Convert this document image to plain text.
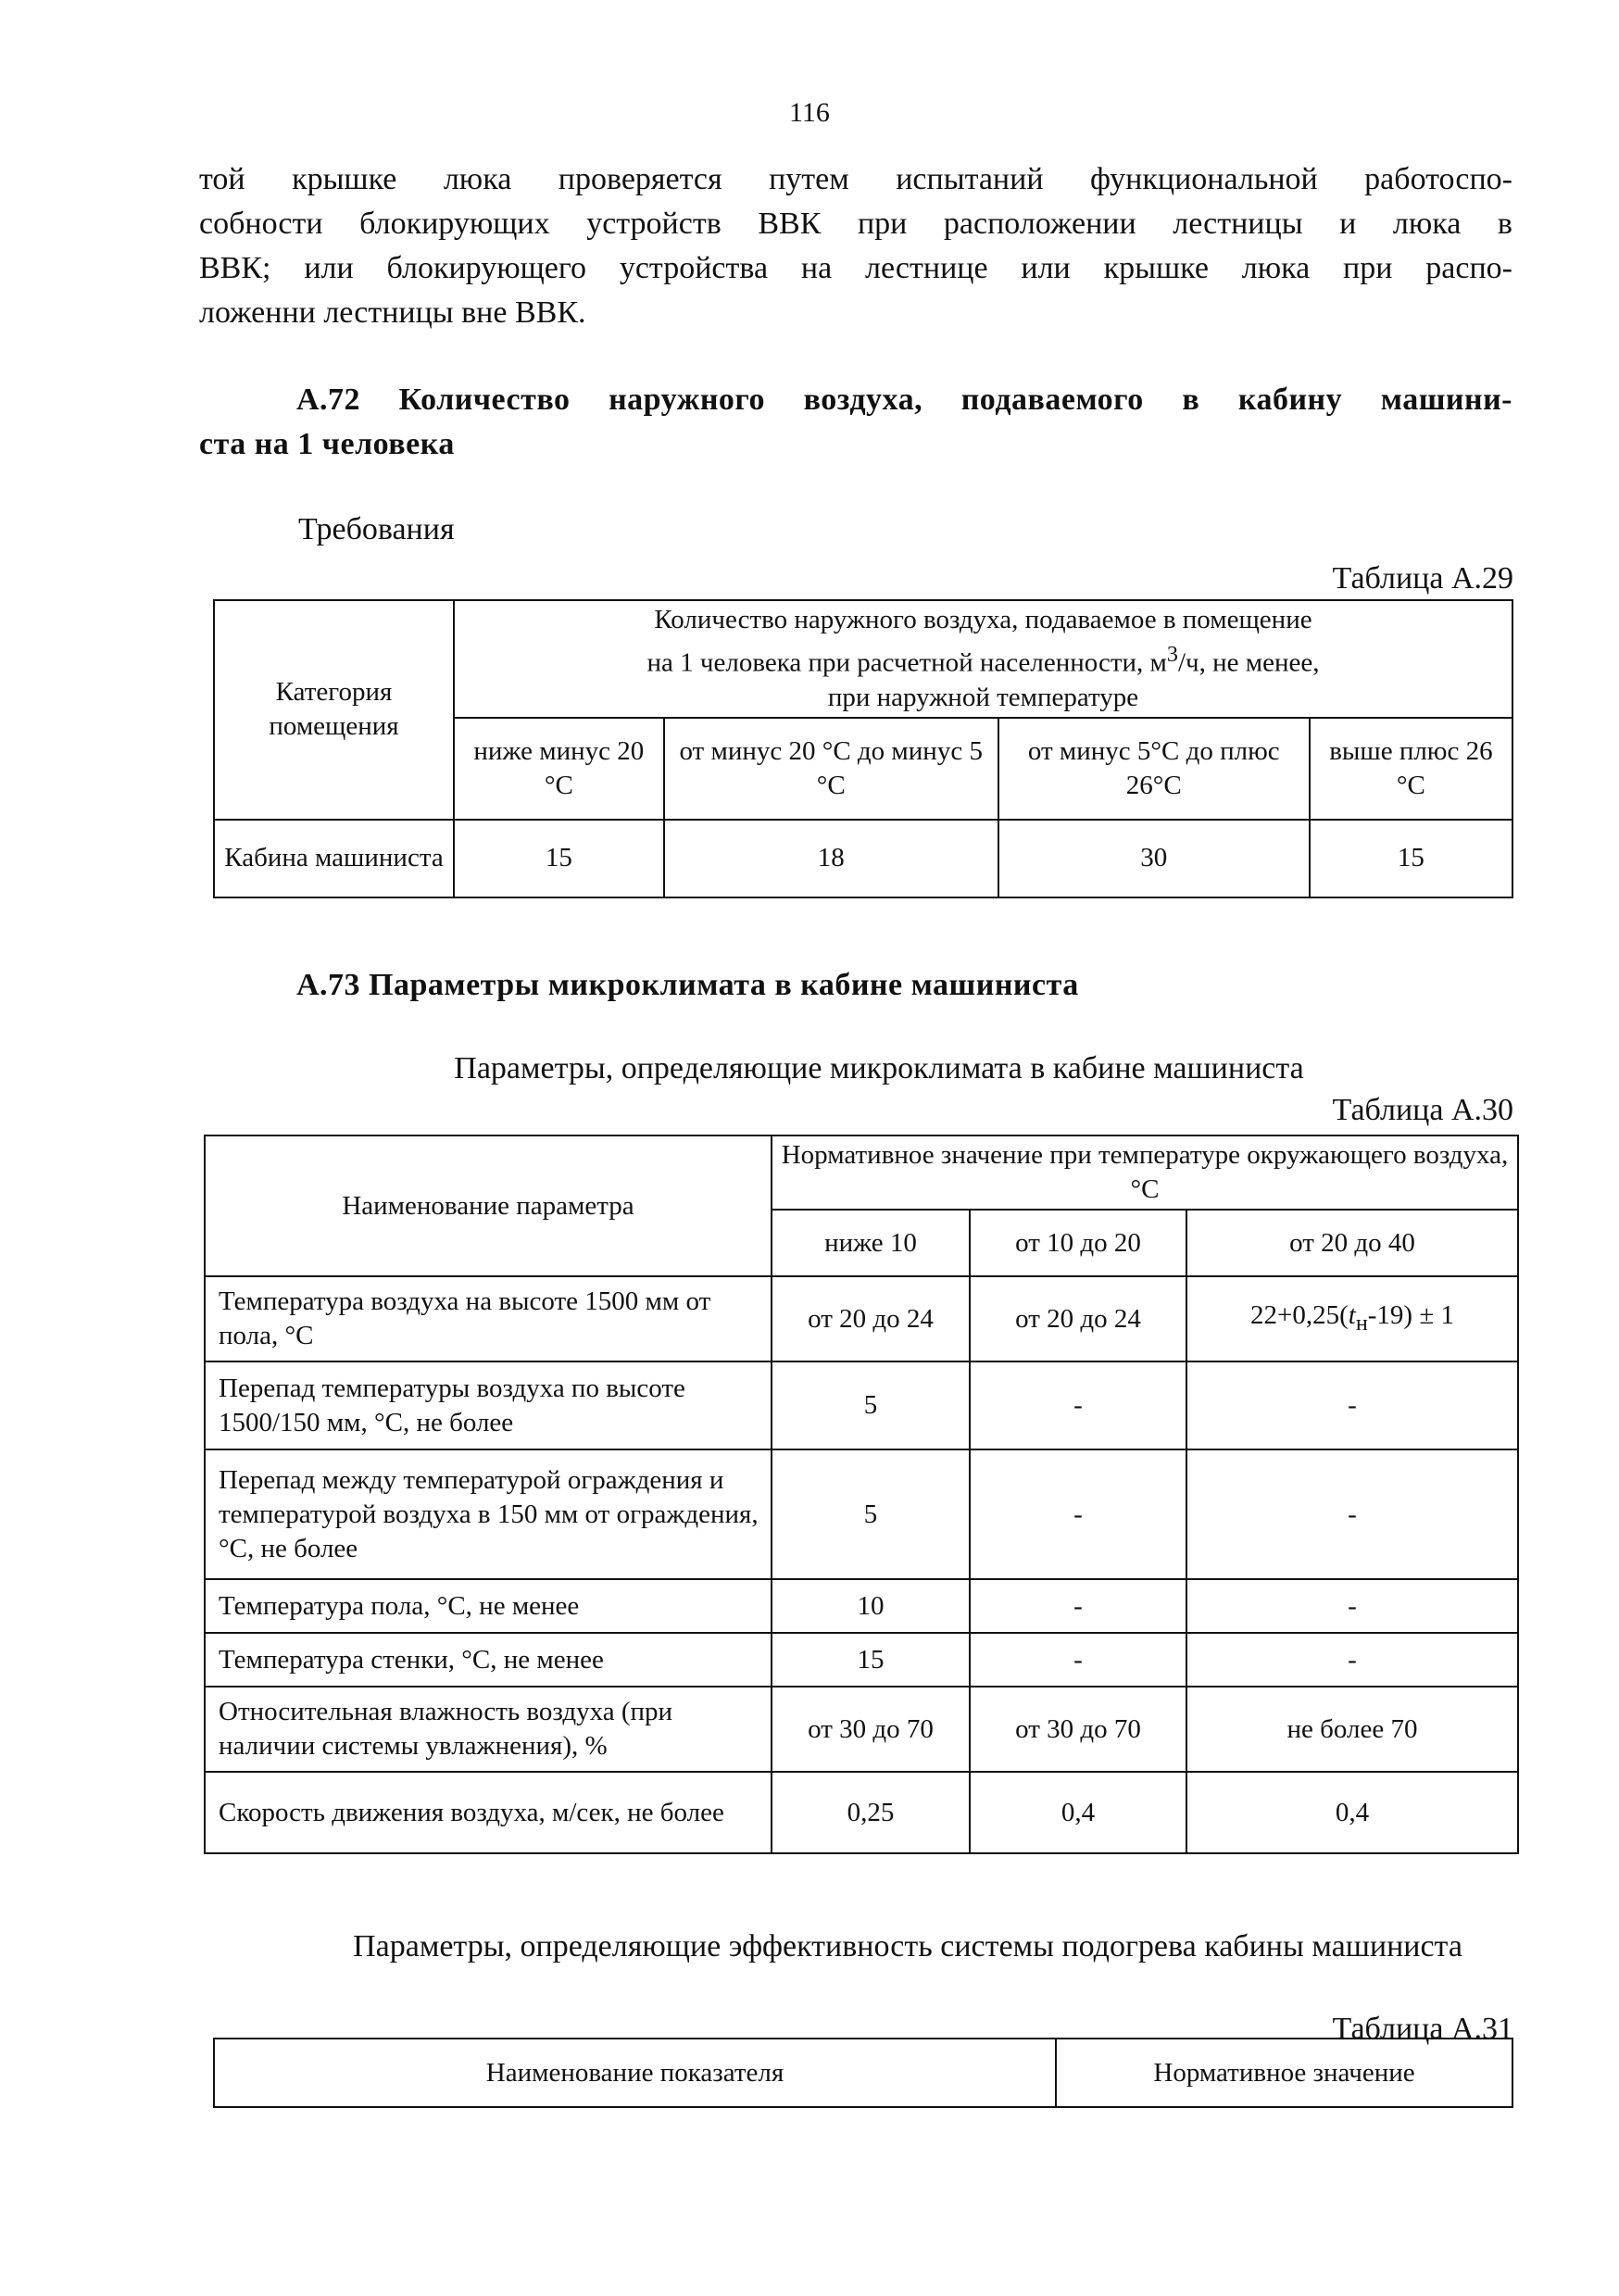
116
той крышке люка проверяется путем испытаний функциональной работоспо-
собности блокирующих устройств ВВК при расположении лестницы и люка в
ВВК; или блокирующего устройства на лестнице или крышке люка при распо-
ложенни лестницы вне ВВК.
А.72 Количество наружного воздуха, подаваемого в кабину машини-
ста на 1 человека
Требования
Таблица А.29
Категория помещения	Количество наружного воздуха, подаваемое в помещение
на 1 человека при расчетной населенности, $м^3/ч$, не менее,
при наружной температуре			
	ниже минус 20 °С	от минус 20 °С до минус 5 °С	от минус 5°С до плюс 26°С	выше плюс 26 °С
Кабина машиниста	15	18	30	15
А.73 Параметры микроклимата в кабине машиниста
Параметры, определяющие микроклимата в кабине машиниста
Таблица А.30
Наименование параметра	Нормативное значение при температуре окружающего воздуха, °С		
	ниже 10	от 10 до 20	от 20 до 40
Температура воздуха на высоте 1500 мм от пола, °С	от 20 до 24	от 20 до 24	$22+0,25(t_н-19) \pm 1$
Перепад температуры воздуха по высоте 1500/150 мм, °С, не более	5	-	-
Перепад между температурой ограждения и температурой воздуха в 150 мм от ограждения, °С, не более	5	-	-
Температура пола, °С, не менее	10	-	-
Температура стенки, °С, не менее	15	-	-
Относительная влажность воздуха (при наличии системы увлажнения), %	от 30 до 70	от 30 до 70	не более 70
Скорость движения воздуха, м/сек, не более	0,25	0,4	0,4
Параметры, определяющие эффективность системы подогрева кабины машиниста
Таблица А.31
Наименование показателя	Нормативное значение
